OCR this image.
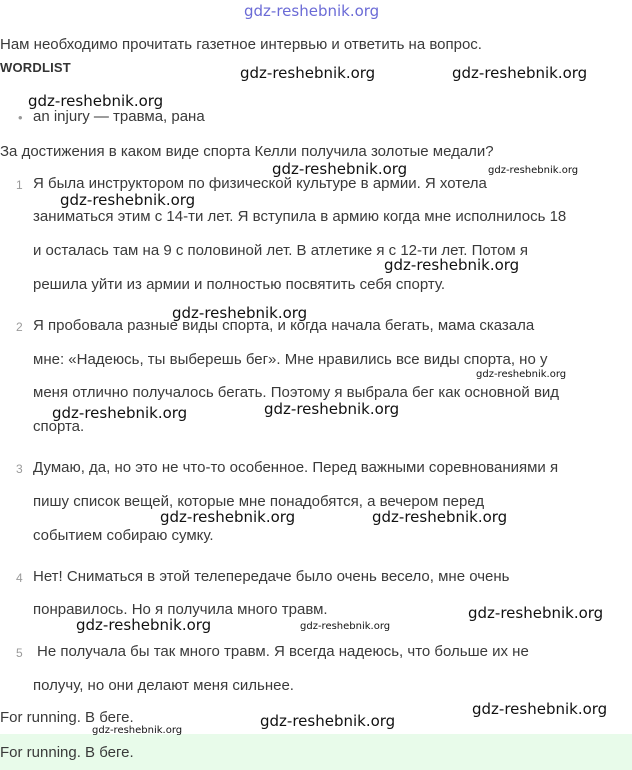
gdz-reshebnik.org
Нам необходимо прочитать газетное интервью и ответить на вопрос.
WORDLIST
• an injury — травма, рана
За достижения в каком виде спорта Келли получила золотые медали?
1 Я была инструктором по физической культуре в армии. Я хотела
заниматься этим с 14-ти лет. Я вступила в армию когда мне исполнилось 18
и осталась там на 9 с половиной лет. В атлетике я с 12-ти лет. Потом я
решила уйти из армии и полностью посвятить себя спорту.
2 Я пробовала разные виды спорта, и когда начала бегать, мама сказала
мне: «Надеюсь, ты выберешь бег». Мне нравились все виды спорта, но у
меня отлично получалось бегать. Поэтому я выбрала бег как основной вид
спорта.
3 Думаю, да, но это не что-то особенное. Перед важными соревнованиями я
пишу список вещей, которые мне понадобятся, а вечером перед
событием собираю сумку.
4 Нет! Сниматься в этой телепередаче было очень весело, мне очень
понравилось. Но я получила много травм.
5 Не получала бы так много травм. Я всегда надеюсь, что больше их не
получу, но они делают меня сильнее.
For running. В беге.
For running. В беге.
gdz-reshebnik.org	gdz-reshebnik.org
gdz-reshebnik.org
gdz-reshebnik.org	gdz-reshebnik.org
gdz-reshebnik.org
gdz-reshebnik.org
gdz-reshebnik.org
gdz-reshebnik.org
gdz-reshebnik.org
gdz-reshebnik.org
gdz-reshebnik.org	gdz-reshebnik.org
gdz-reshebnik.org
gdz-reshebnik.org	gdz-reshebnik.org
gdz-reshebnik.org
gdz-reshebnik.org
gdz-reshebnik.org
